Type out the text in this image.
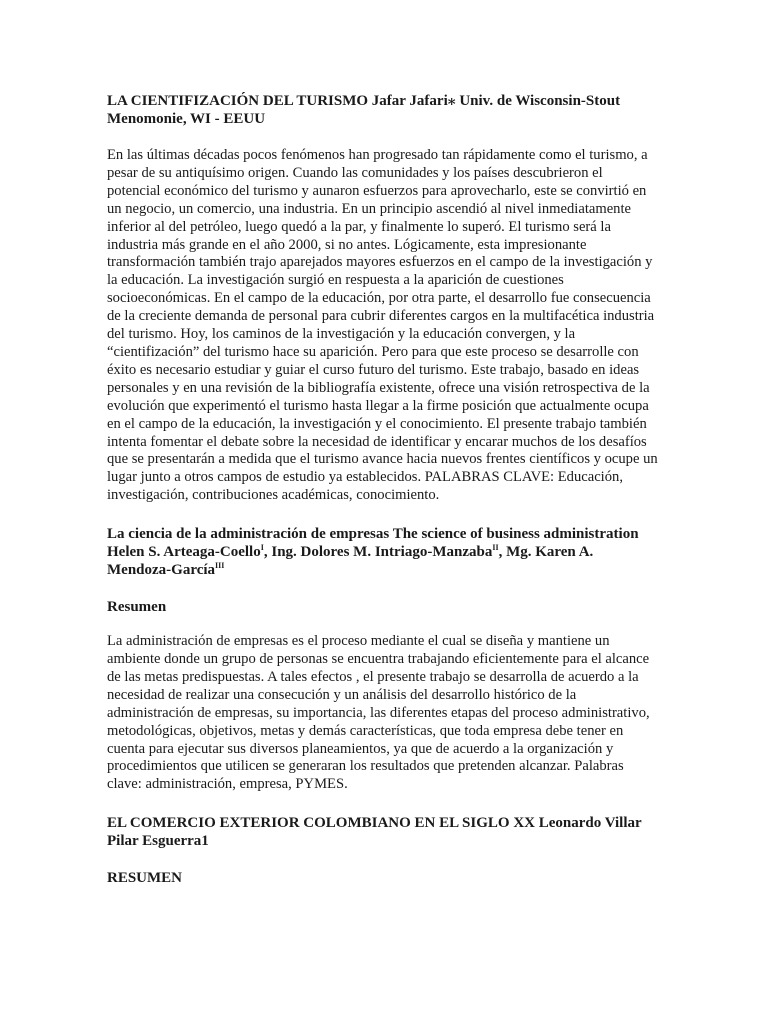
LA CIENTIFIZACIÓN DEL TURISMO Jafar Jafari⁎ Univ. de Wisconsin-Stout Menomonie, WI - EEUU

En las últimas décadas pocos fenómenos han progresado tan rápidamente como el turismo, a pesar de su antiquísimo origen. Cuando las comunidades y los países descubrieron el potencial económico del turismo y aunaron esfuerzos para aprovecharlo, este se convirtió en un negocio, un comercio, una industria. En un principio ascendió al nivel inmediatamente inferior al del petróleo, luego quedó a la par, y finalmente lo superó. El turismo será la industria más grande en el año 2000, si no antes. Lógicamente, esta impresionante transformación también trajo aparejados mayores esfuerzos en el campo de la investigación y la educación. La investigación surgió en respuesta a la aparición de cuestiones socioeconómicas. En el campo de la educación, por otra parte, el desarrollo fue consecuencia de la creciente demanda de personal para cubrir diferentes cargos en la multifacética industria del turismo. Hoy, los caminos de la investigación y la educación convergen, y la “cientifización” del turismo hace su aparición. Pero para que este proceso se desarrolle con éxito es necesario estudiar y guiar el curso futuro del turismo. Este trabajo, basado en ideas personales y en una revisión de la bibliografía existente, ofrece una visión retrospectiva de la evolución que experimentó el turismo hasta llegar a la firme posición que actualmente ocupa en el campo de la educación, la investigación y el conocimiento. El presente trabajo también intenta fomentar el debate sobre la necesidad de identificar y encarar muchos de los desafíos que se presentarán a medida que el turismo avance hacia nuevos frentes científicos y ocupe un lugar junto a otros campos de estudio ya establecidos. PALABRAS CLAVE: Educación, investigación, contribuciones académicas, conocimiento.

La ciencia de la administración de empresas The science of business administration Helen S. Arteaga-Coello$^I$, Ing. Dolores M. Intriago-Manzaba$^{II}$, Mg. Karen A. Mendoza-García$^{III}$

Resumen

La administración de empresas es el proceso mediante el cual se diseña y mantiene un ambiente donde un grupo de personas se encuentra trabajando eficientemente para el alcance de las metas predispuestas. A tales efectos , el presente trabajo se desarrolla de acuerdo a la necesidad de realizar una consecución y un análisis del desarrollo histórico de la administración de empresas, su importancia, las diferentes etapas del proceso administrativo, metodológicas, objetivos, metas y demás características, que toda empresa debe tener en cuenta para ejecutar sus diversos planeamientos, ya que de acuerdo a la organización y procedimientos que utilicen se generaran los resultados que pretenden alcanzar. Palabras clave: administración, empresa, PYMES.

EL COMERCIO EXTERIOR COLOMBIANO EN EL SIGLO XX Leonardo Villar Pilar Esguerra1

RESUMEN
